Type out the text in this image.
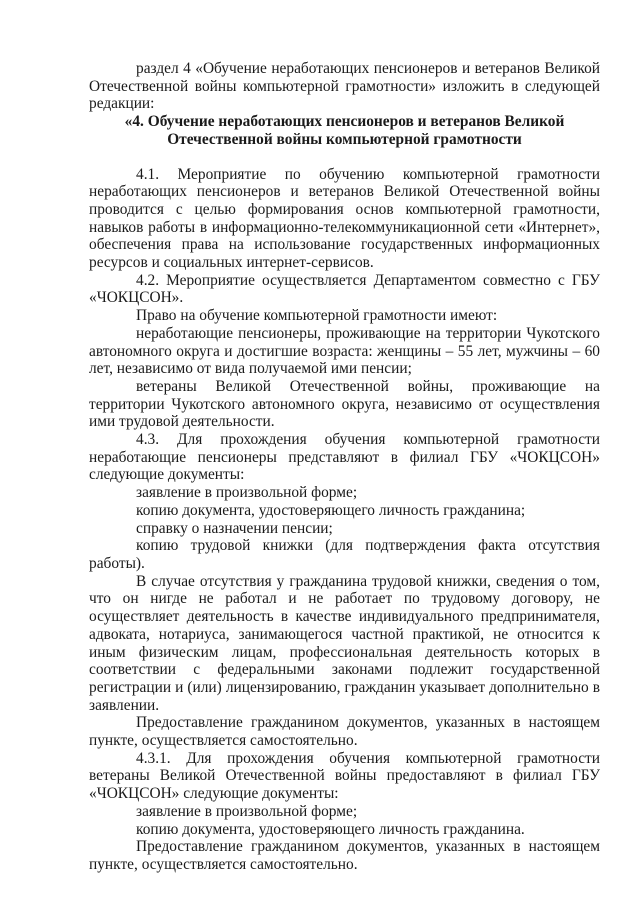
раздел 4 «Обучение неработающих пенсионеров и ветеранов Великой Отечественной войны компьютерной грамотности» изложить в следующей редакции:

«4. Обучение неработающих пенсионеров и ветеранов Великой Отечественной войны компьютерной грамотности

4.1. Мероприятие по обучению компьютерной грамотности неработающих пенсионеров и ветеранов Великой Отечественной войны проводится с целью формирования основ компьютерной грамотности, навыков работы в информационно-телекоммуникационной сети «Интернет», обеспечения права на использование государственных информационных ресурсов и социальных интернет-сервисов.

4.2. Мероприятие осуществляется Департаментом совместно с ГБУ «ЧОКЦСОН».

Право на обучение компьютерной грамотности имеют:

неработающие пенсионеры, проживающие на территории Чукотского автономного округа и достигшие возраста: женщины – 55 лет, мужчины – 60 лет, независимо от вида получаемой ими пенсии;

ветераны Великой Отечественной войны, проживающие на территории Чукотского автономного округа, независимо от осуществления ими трудовой деятельности.

4.3. Для прохождения обучения компьютерной грамотности неработающие пенсионеры представляют в филиал ГБУ «ЧОКЦСОН» следующие документы:

заявление в произвольной форме;

копию документа, удостоверяющего личность гражданина;

справку о назначении пенсии;

копию трудовой книжки (для подтверждения факта отсутствия работы).

В случае отсутствия у гражданина трудовой книжки, сведения о том, что он нигде не работал и не работает по трудовому договору, не осуществляет деятельность в качестве индивидуального предпринимателя, адвоката, нотариуса, занимающегося частной практикой, не относится к иным физическим лицам, профессиональная деятельность которых в соответствии с федеральными законами подлежит государственной регистрации и (или) лицензированию, гражданин указывает дополнительно в заявлении.

Предоставление гражданином документов, указанных в настоящем пункте, осуществляется самостоятельно.

4.3.1. Для прохождения обучения компьютерной грамотности ветераны Великой Отечественной войны предоставляют в филиал ГБУ «ЧОКЦСОН» следующие документы:

заявление в произвольной форме;

копию документа, удостоверяющего личность гражданина.

Предоставление гражданином документов, указанных в настоящем пункте, осуществляется самостоятельно.
